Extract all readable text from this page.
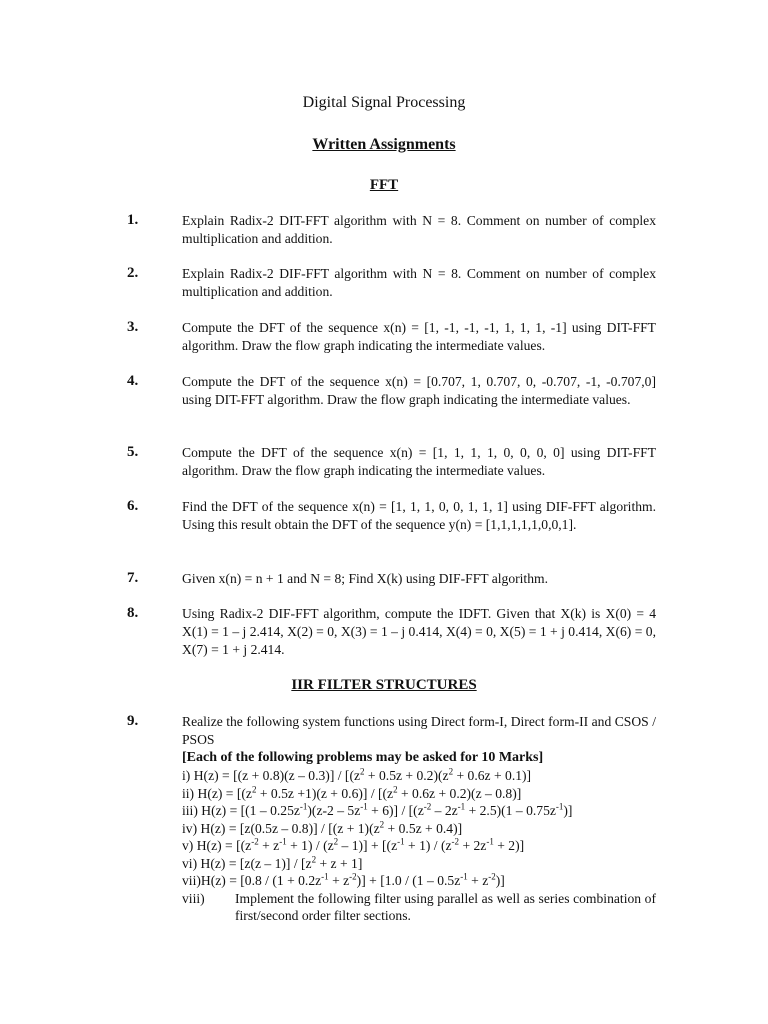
Digital Signal Processing
Written Assignments
FFT
1.	Explain Radix-2 DIT-FFT algorithm with N = 8. Comment on number of complex multiplication and addition.
2.	Explain Radix-2 DIF-FFT algorithm with N = 8. Comment on number of complex multiplication and addition.
3.	Compute the DFT of the sequence x(n) = [1, -1, -1, -1, 1, 1, 1, -1] using DIT-FFT algorithm. Draw the flow graph indicating the intermediate values.
4.	Compute the DFT of the sequence x(n) = [0.707, 1, 0.707, 0, -0.707, -1, -0.707,0] using DIT-FFT algorithm. Draw the flow graph indicating the intermediate values.
5.	Compute the DFT of the sequence x(n) = [1, 1, 1, 1, 0, 0, 0, 0] using DIT-FFT algorithm. Draw the flow graph indicating the intermediate values.
6.	Find the DFT of the sequence x(n) = [1, 1, 1, 0, 0, 1, 1, 1] using DIF-FFT algorithm. Using this result obtain the DFT of the sequence y(n) = [1,1,1,1,1,0,0,1].
7.	Given x(n) = n + 1 and N = 8; Find X(k) using DIF-FFT algorithm.
8.	Using Radix-2 DIF-FFT algorithm, compute the IDFT. Given that X(k) is X(0) = 4 X(1) = 1 – j 2.414, X(2) = 0, X(3) = 1 – j 0.414, X(4) = 0, X(5) = 1 + j 0.414, X(6) = 0, X(7) = 1 + j 2.414.
IIR FILTER STRUCTURES
9.	Realize the following system functions using Direct form-I, Direct form-II and CSOS / PSOS
[Each of the following problems may be asked for 10 Marks]
i) $H(z) = [(z + 0.8)(z - 0.3)] / [(z^2 + 0.5z + 0.2)(z^2 + 0.6z + 0.1)]$
ii) $H(z) = [(z^2 + 0.5z +1)(z + 0.6)] / [(z^2 + 0.6z + 0.2)(z - 0.8)]$
iii) $H(z) = [(1 - 0.25z^{-1})(z-2 - 5z^{-1} + 6)] / [(z^{-2} - 2z^{-1} + 2.5)(1 - 0.75z^{-1})]$
iv) $H(z) = [z(0.5z - 0.8)] / [(z + 1)(z^2 + 0.5z + 0.4)]$
v) $H(z) = [(z^{-2} + z^{-1} + 1) / (z^2 - 1)] + [(z^{-1} + 1) / (z^{-2} + 2z^{-1} + 2)]$
vi) $H(z) = [z(z - 1)] / [z^2 + z + 1]$
$vii)H(z) = [0.8 / (1 + 0.2z^{-1} + z^{-2})] + [1.0 / (1 - 0.5z^{-1} + z^{-2})]$
viii)	Implement the following filter using parallel as well as series combination of first/second order filter sections.
